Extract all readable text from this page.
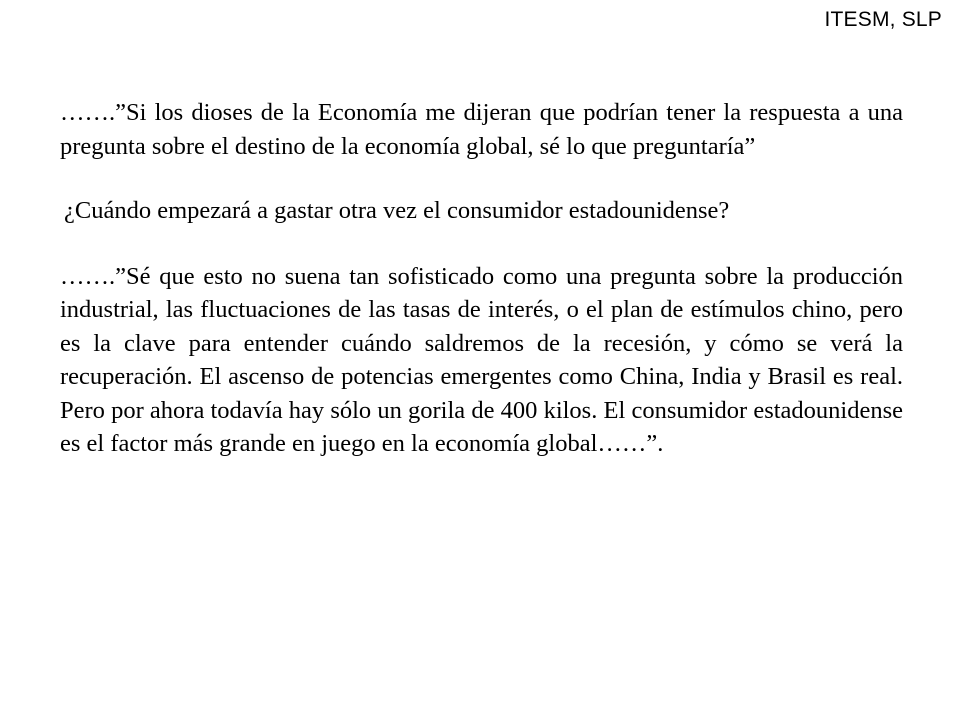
ITESM, SLP

…….”Si los dioses de la Economía me dijeran que podrían tener la respuesta a una pregunta sobre el destino de la economía global, sé lo que preguntaría”

¿Cuándo empezará a gastar otra vez el consumidor estadounidense?

…….”Sé que esto no suena tan sofisticado como una pregunta sobre la producción industrial, las fluctuaciones de las tasas de interés, o el plan de estímulos chino, pero es la clave para entender cuándo saldremos de la recesión, y cómo se verá la recuperación. El ascenso de potencias emergentes como China, India y Brasil es real. Pero por ahora todavía hay sólo un gorila de 400 kilos. El consumidor estadounidense es el factor más grande en juego en la economía global……”.
